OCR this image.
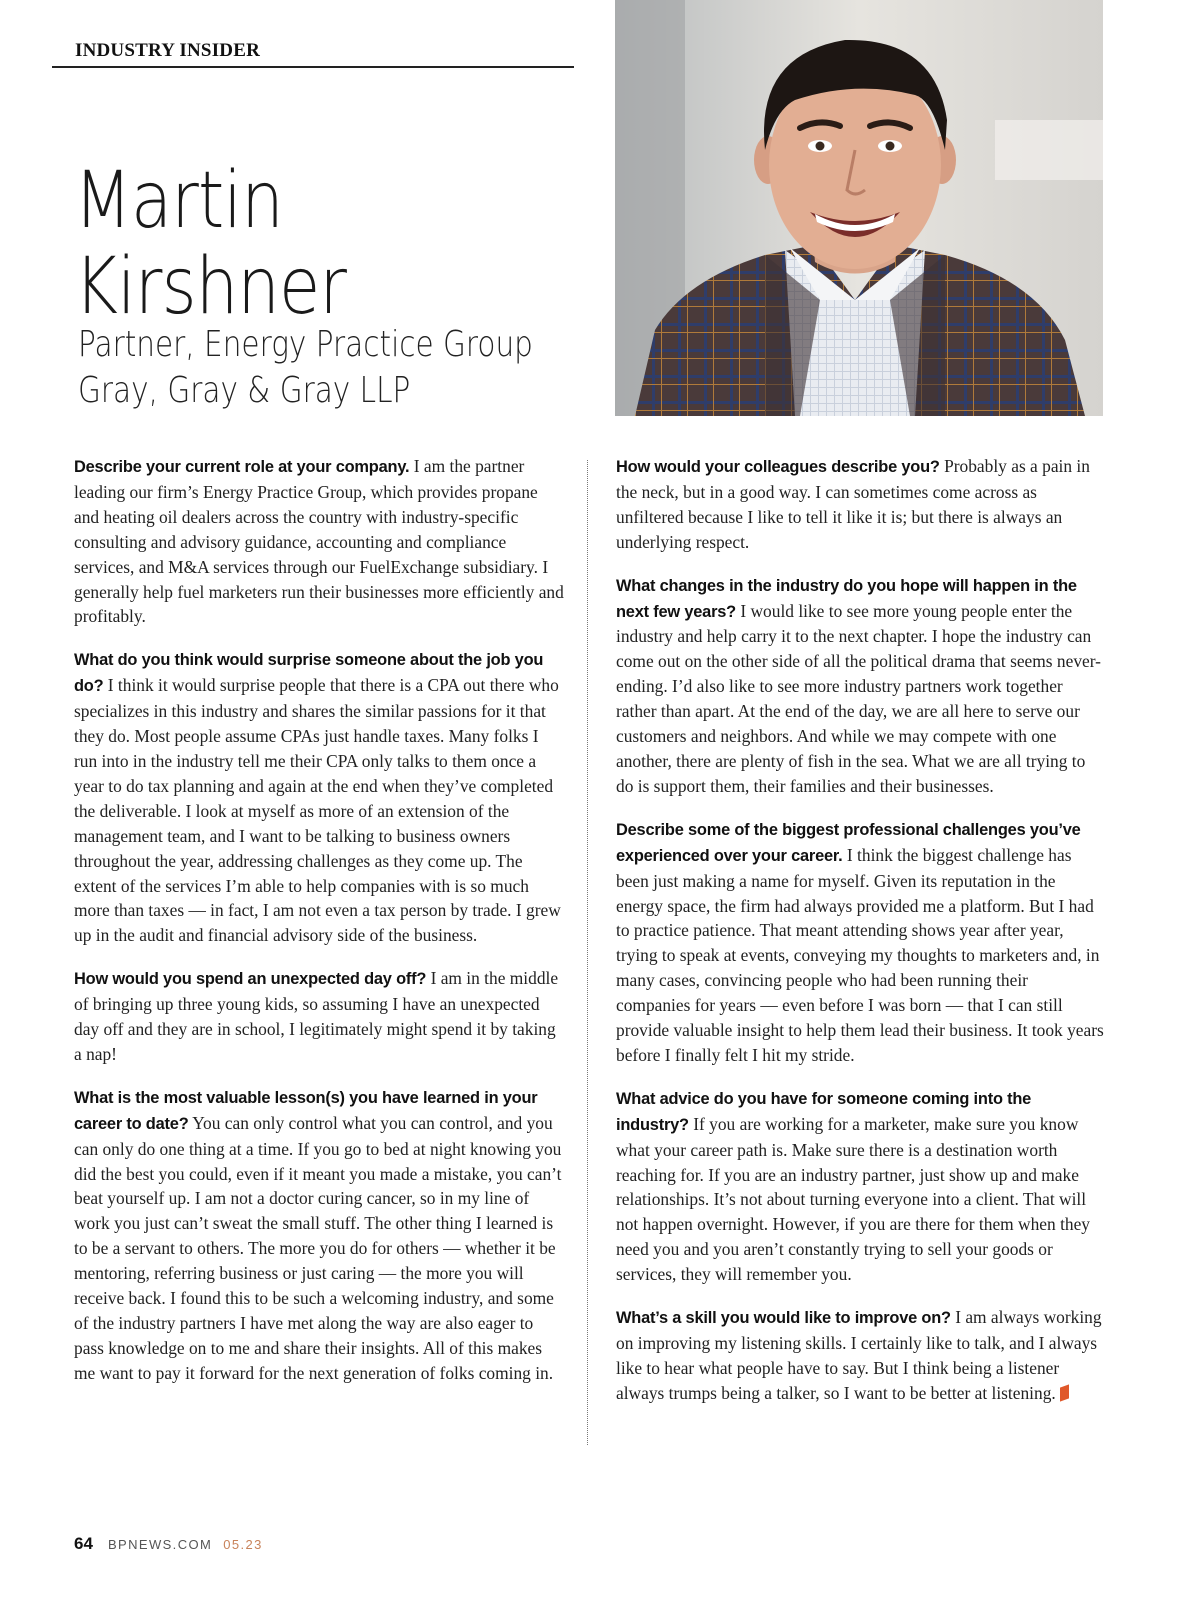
INDUSTRY INSIDER
Martin
Kirshner
Partner, Energy Practice Group
Gray, Gray & Gray LLP

Describe your current role at your company. I am the partner leading our firm’s Energy Practice Group, which provides propane and heating oil dealers across the country with industry-specific consulting and advisory guidance, accounting and compliance services, and M&A services through our FuelExchange subsidiary. I generally help fuel marketers run their businesses more efficiently and profitably.

What do you think would surprise someone about the job you do? I think it would surprise people that there is a CPA out there who specializes in this industry and shares the similar passions for it that they do. Most people assume CPAs just handle taxes. Many folks I run into in the industry tell me their CPA only talks to them once a year to do tax planning and again at the end when they’ve completed the deliverable. I look at myself as more of an extension of the management team, and I want to be talking to business owners throughout the year, addressing challenges as they come up. The extent of the services I’m able to help companies with is so much more than taxes — in fact, I am not even a tax person by trade. I grew up in the audit and financial advisory side of the business.

How would you spend an unexpected day off? I am in the middle of bringing up three young kids, so assuming I have an unexpected day off and they are in school, I legitimately might spend it by taking a nap!

What is the most valuable lesson(s) you have learned in your career to date? You can only control what you can control, and you can only do one thing at a time. If you go to bed at night knowing you did the best you could, even if it meant you made a mistake, you can’t beat yourself up. I am not a doctor curing cancer, so in my line of work you just can’t sweat the small stuff. The other thing I learned is to be a servant to others. The more you do for others — whether it be mentoring, referring business or just caring — the more you will receive back. I found this to be such a welcoming industry, and some of the industry partners I have met along the way are also eager to pass knowledge on to me and share their insights. All of this makes me want to pay it forward for the next generation of folks coming in.

How would your colleagues describe you? Probably as a pain in the neck, but in a good way. I can sometimes come across as unfiltered because I like to tell it like it is; but there is always an underlying respect.

What changes in the industry do you hope will happen in the next few years? I would like to see more young people enter the industry and help carry it to the next chapter. I hope the industry can come out on the other side of all the political drama that seems never-ending. I’d also like to see more industry partners work together rather than apart. At the end of the day, we are all here to serve our customers and neighbors. And while we may compete with one another, there are plenty of fish in the sea. What we are all trying to do is support them, their families and their businesses.

Describe some of the biggest professional challenges you’ve experienced over your career. I think the biggest challenge has been just making a name for myself. Given its reputation in the energy space, the firm had always provided me a platform. But I had to practice patience. That meant attending shows year after year, trying to speak at events, conveying my thoughts to marketers and, in many cases, convincing people who had been running their companies for years — even before I was born — that I can still provide valuable insight to help them lead their business. It took years before I finally felt I hit my stride.

What advice do you have for someone coming into the industry? If you are working for a marketer, make sure you know what your career path is. Make sure there is a destination worth reaching for. If you are an industry partner, just show up and make relationships. It’s not about turning everyone into a client. That will not happen overnight. However, if you are there for them when they need you and you aren’t constantly trying to sell your goods or services, they will remember you.

What’s a skill you would like to improve on? I am always working on improving my listening skills. I certainly like to talk, and I always like to hear what people have to say. But I think being a listener always trumps being a talker, so I want to be better at listening.

64 BPNEWS.COM 05.23
